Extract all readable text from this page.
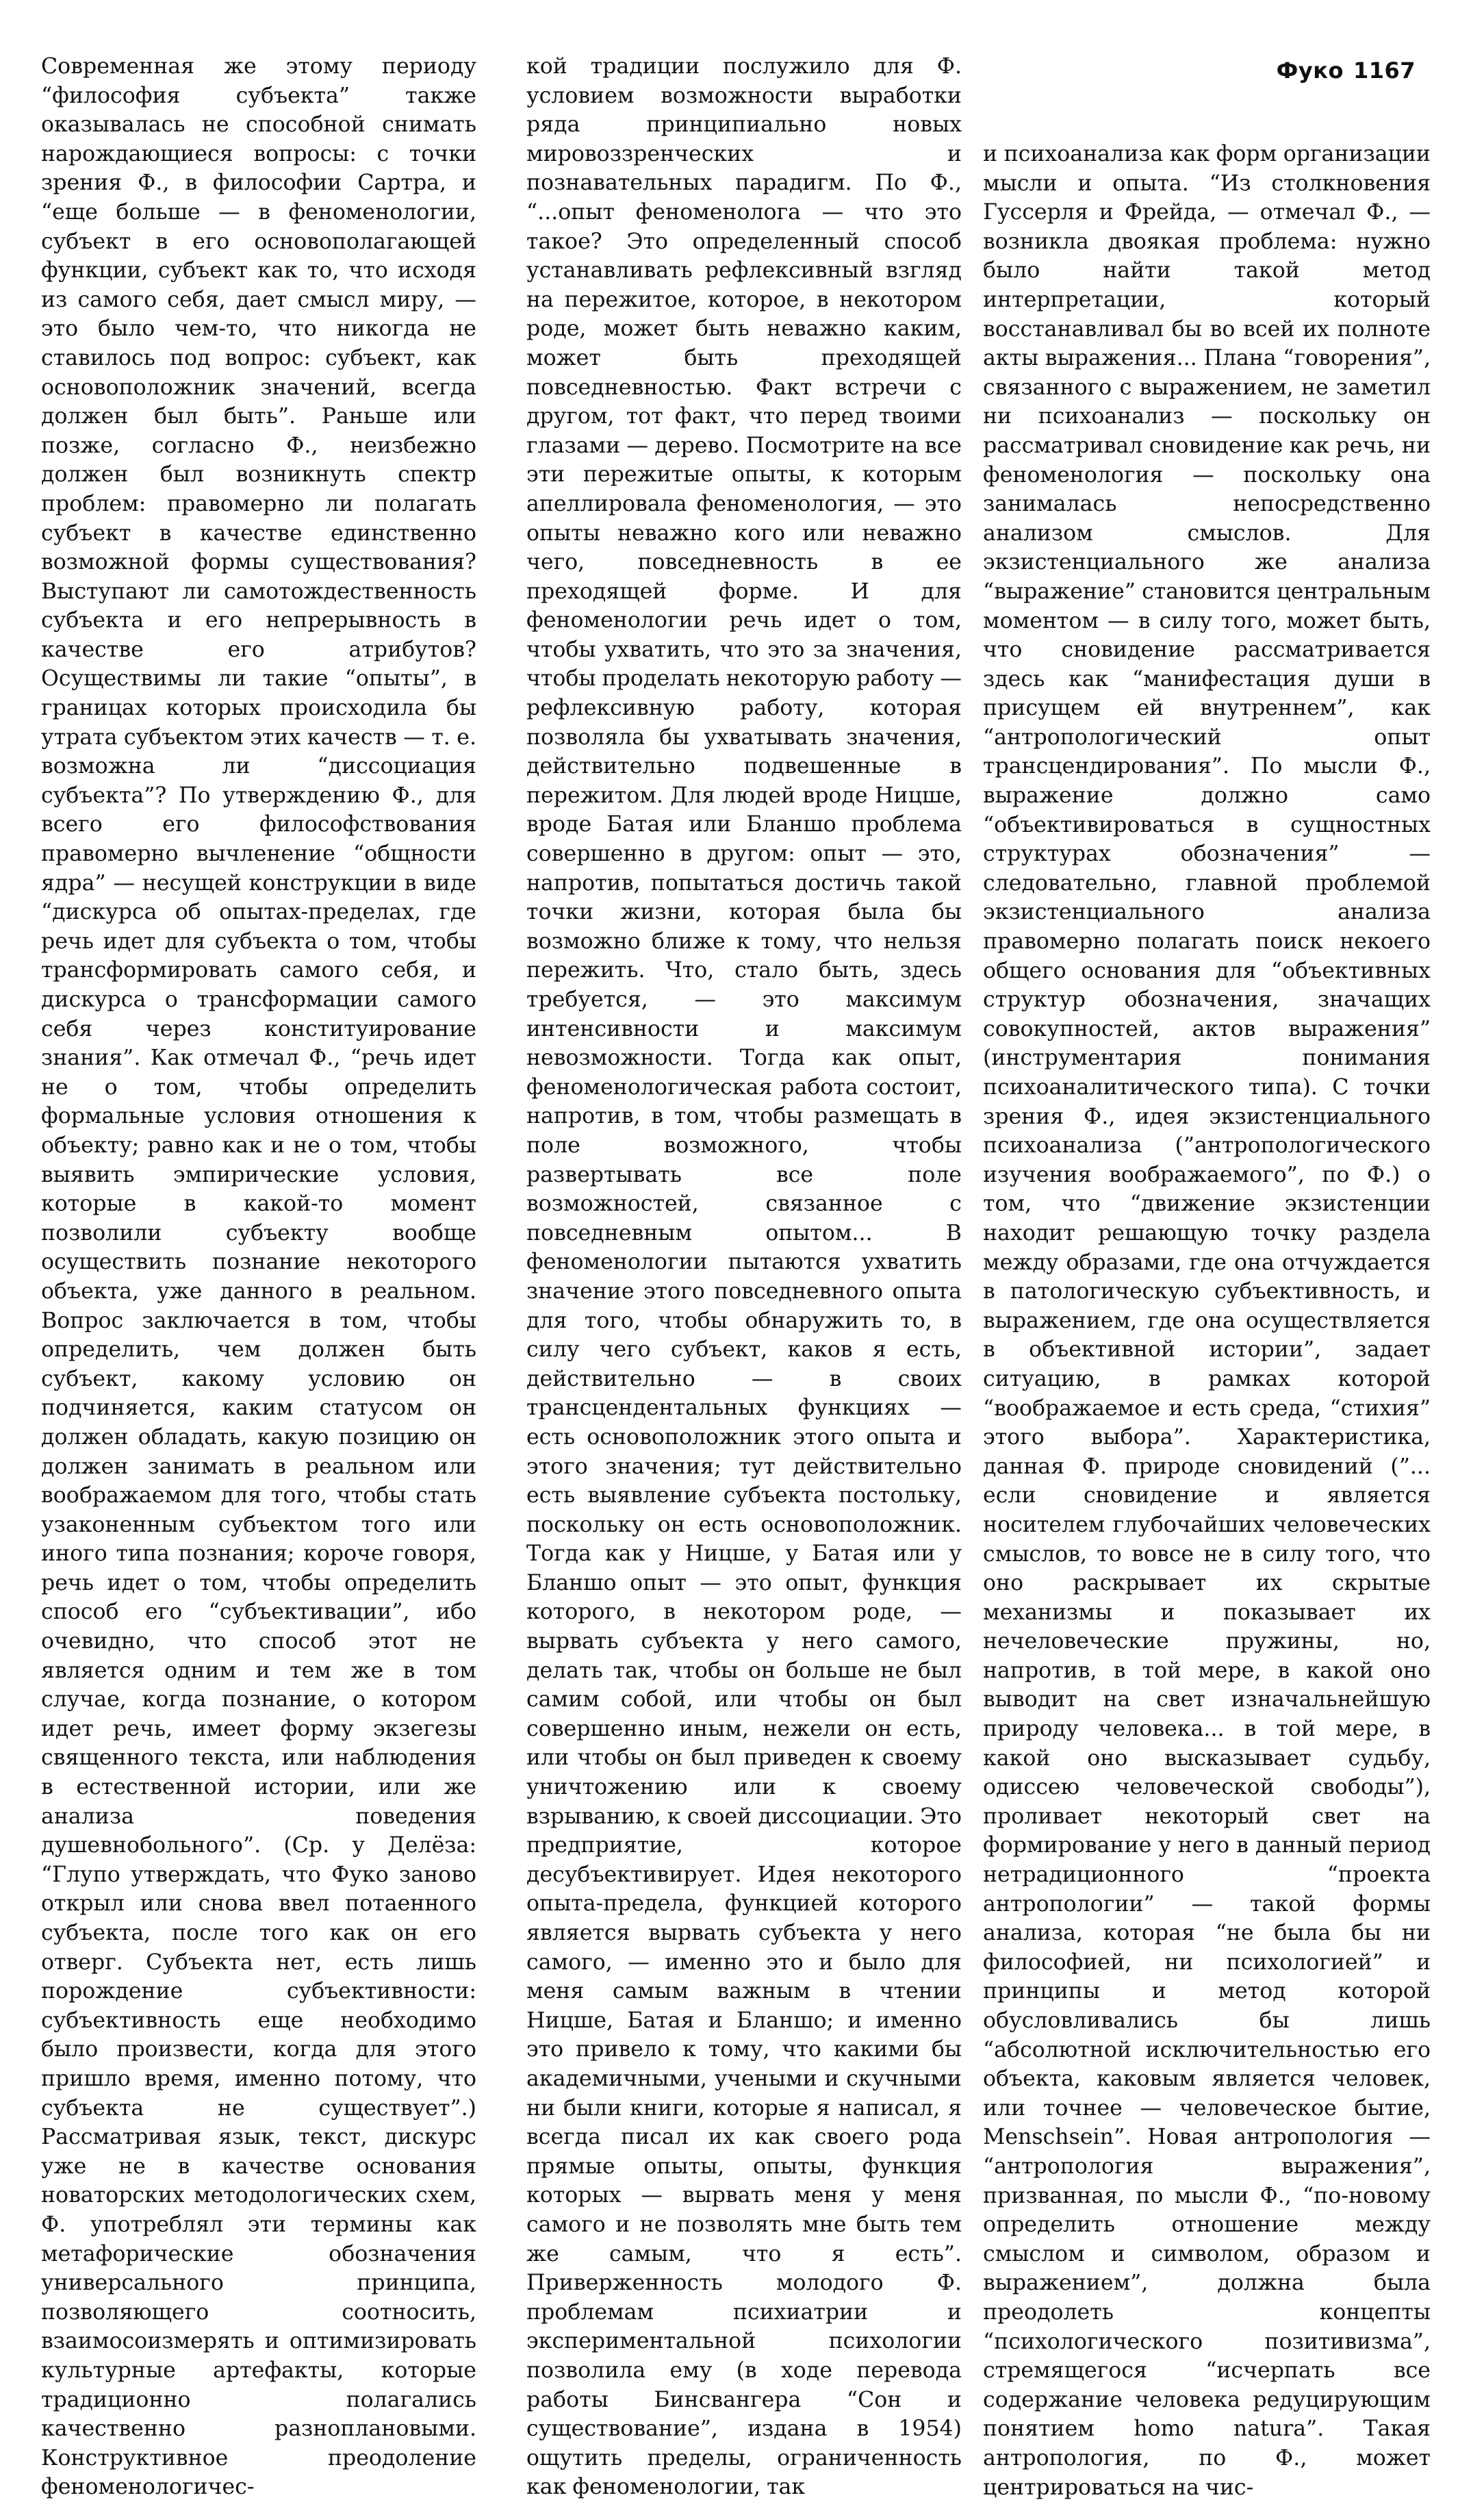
Фуко 1167

Современная же этому периоду “философия субъекта” также оказывалась не способной снимать нарождающиеся вопросы: с точки зрения Ф., в философии Сартра, и “еще больше — в феноменологии, субъект в его основополагающей функции, субъект как то, что исходя из самого себя, дает смысл миру, — это было чем-то, что никогда не ставилось под вопрос: субъект, как основоположник значений, всегда должен был быть”. Раньше или позже, согласно Ф., неизбежно должен был возникнуть спектр проблем: правомерно ли полагать субъект в качестве единственно возможной формы существования? Выступают ли самотождественность субъекта и его непрерывность в качестве его атрибутов? Осуществимы ли такие “опыты”, в границах которых происходила бы утрата субъектом этих качеств — т. е. возможна ли “диссоциация субъекта”? По утверждению Ф., для всего его философствования правомерно вычленение “общности ядра” — несущей конструкции в виде “дискурса об опытах-пределах, где речь идет для субъекта о том, чтобы трансформировать самого себя, и дискурса о трансформации самого себя через конституирование знания”. Как отмечал Ф., “речь идет не о том, чтобы определить формальные условия отношения к объекту; равно как и не о том, чтобы выявить эмпирические условия, которые в какой-то момент позволили субъекту вообще осуществить познание некоторого объекта, уже данного в реальном. Вопрос заключается в том, чтобы определить, чем должен быть субъект, какому условию он подчиняется, каким статусом он должен обладать, какую позицию он должен занимать в реальном или воображаемом для того, чтобы стать узаконенным субъектом того или иного типа познания; короче говоря, речь идет о том, чтобы определить способ его “субъективации”, ибо очевидно, что способ этот не является одним и тем же в том случае, когда познание, о котором идет речь, имеет форму экзегезы священного текста, или наблюдения в естественной истории, или же анализа поведения душевнобольного”. (Ср. у Делёза: “Глупо утверждать, что Фуко заново открыл или снова ввел потаенного субъекта, после того как он его отверг. Субъекта нет, есть лишь порождение субъективности: субъективность еще необходимо было произвести, когда для этого пришло время, именно потому, что субъекта не существует”.) Рассматривая язык, текст, дискурс уже не в качестве основания новаторских методологических схем, Ф. употреблял эти термины как метафорические обозначения универсального принципа, позволяющего соотносить, взаимосоизмерять и оптимизировать культурные артефакты, которые традиционно полагались качественно разноплановыми. Конструктивное преодоление феноменологичес-

кой традиции послужило для Ф. условием возможности выработки ряда принципиально новых мировоззренческих и познавательных парадигм. По Ф., “...опыт феноменолога — что это такое? Это определенный способ устанавливать рефлексивный взгляд на пережитое, которое, в некотором роде, может быть неважно каким, может быть преходящей повседневностью. Факт встречи с другом, тот факт, что перед твоими глазами — дерево. Посмотрите на все эти пережитые опыты, к которым апеллировала феноменология, — это опыты неважно кого или неважно чего, повседневность в ее преходящей форме. И для феноменологии речь идет о том, чтобы ухватить, что это за значения, чтобы проделать некоторую работу — рефлексивную работу, которая позволяла бы ухватывать значения, действительно подвешенные в пережитом. Для людей вроде Ницше, вроде Батая или Бланшо проблема совершенно в другом: опыт — это, напротив, попытаться достичь такой точки жизни, которая была бы возможно ближе к тому, что нельзя пережить. Что, стало быть, здесь требуется, — это максимум интенсивности и максимум невозможности. Тогда как опыт, феноменологическая работа состоит, напротив, в том, чтобы размещать в поле возможного, чтобы развертывать все поле возможностей, связанное с повседневным опытом... В феноменологии пытаются ухватить значение этого повседневного опыта для того, чтобы обнаружить то, в силу чего субъект, каков я есть, действительно — в своих трансцендентальных функциях — есть основоположник этого опыта и этого значения; тут действительно есть выявление субъекта постольку, поскольку он есть основоположник. Тогда как у Ницше, у Батая или у Бланшо опыт — это опыт, функция которого, в некотором роде, — вырвать субъекта у него самого, делать так, чтобы он больше не был самим собой, или чтобы он был совершенно иным, нежели он есть, или чтобы он был приведен к своему уничтожению или к своему взрыванию, к своей диссоциации. Это предприятие, которое десубъективирует. Идея некоторого опыта-предела, функцией которого является вырвать субъекта у него самого, — именно это и было для меня самым важным в чтении Ницше, Батая и Бланшо; и именно это привело к тому, что какими бы академичными, учеными и скучными ни были книги, которые я написал, я всегда писал их как своего рода прямые опыты, опыты, функция которых — вырвать меня у меня самого и не позволять мне быть тем же самым, что я есть”. Приверженность молодого Ф. проблемам психиатрии и экспериментальной психологии позволила ему (в ходе перевода работы Бинсвангера “Сон и существование”, издана в 1954) ощутить пределы, ограниченность как феноменологии, так

и психоанализа как форм организации мысли и опыта. “Из столкновения Гуссерля и Фрейда, — отмечал Ф., — возникла двоякая проблема: нужно было найти такой метод интерпретации, который восстанавливал бы во всей их полноте акты выражения... Плана “говорения”, связанного с выражением, не заметил ни психоанализ — поскольку он рассматривал сновидение как речь, ни феноменология — поскольку она занималась непосредственно анализом смыслов. Для экзистенциального же анализа “выражение” становится центральным моментом — в силу того, может быть, что сновидение рассматривается здесь как “манифестация души в присущем ей внутреннем”, как “антропологический опыт трансцендирования”. По мысли Ф., выражение должно само “объективироваться в сущностных структурах обозначения” — следовательно, главной проблемой экзистенциального анализа правомерно полагать поиск некоего общего основания для “объективных структур обозначения, значащих совокупностей, актов выражения” (инструментария понимания психоаналитического типа). С точки зрения Ф., идея экзистенциального психоанализа (”антропологического изучения воображаемого”, по Ф.) о том, что “движение экзистенции находит решающую точку раздела между образами, где она отчуждается в патологическую субъективность, и выражением, где она осуществляется в объективной истории”, задает ситуацию, в рамках которой “воображаемое и есть среда, “стихия” этого выбора”. Характеристика, данная Ф. природе сновидений (”... если сновидение и является носителем глубочайших человеческих смыслов, то вовсе не в силу того, что оно раскрывает их скрытые механизмы и показывает их нечеловеческие пружины, но, напротив, в той мере, в какой оно выводит на свет изначальнейшую природу человека... в той мере, в какой оно высказывает судьбу, одиссею человеческой свободы”), проливает некоторый свет на формирование у него в данный период нетрадиционного “проекта антропологии” — такой формы анализа, которая “не была бы ни философией, ни психологией” и принципы и метод которой обусловливались бы лишь “абсолютной исключительностью его объекта, каковым является человек, или точнее — человеческое бытие, Menschsein”. Новая антропология — “антропология выражения”, призванная, по мысли Ф., “по-новому определить отношение между смыслом и символом, образом и выражением”, должна была преодолеть концепты “психологического позитивизма”, стремящегося “исчерпать все содержание человека редуцирующим понятием homo natura”. Такая антропология, по Ф., может центрироваться на чис-
